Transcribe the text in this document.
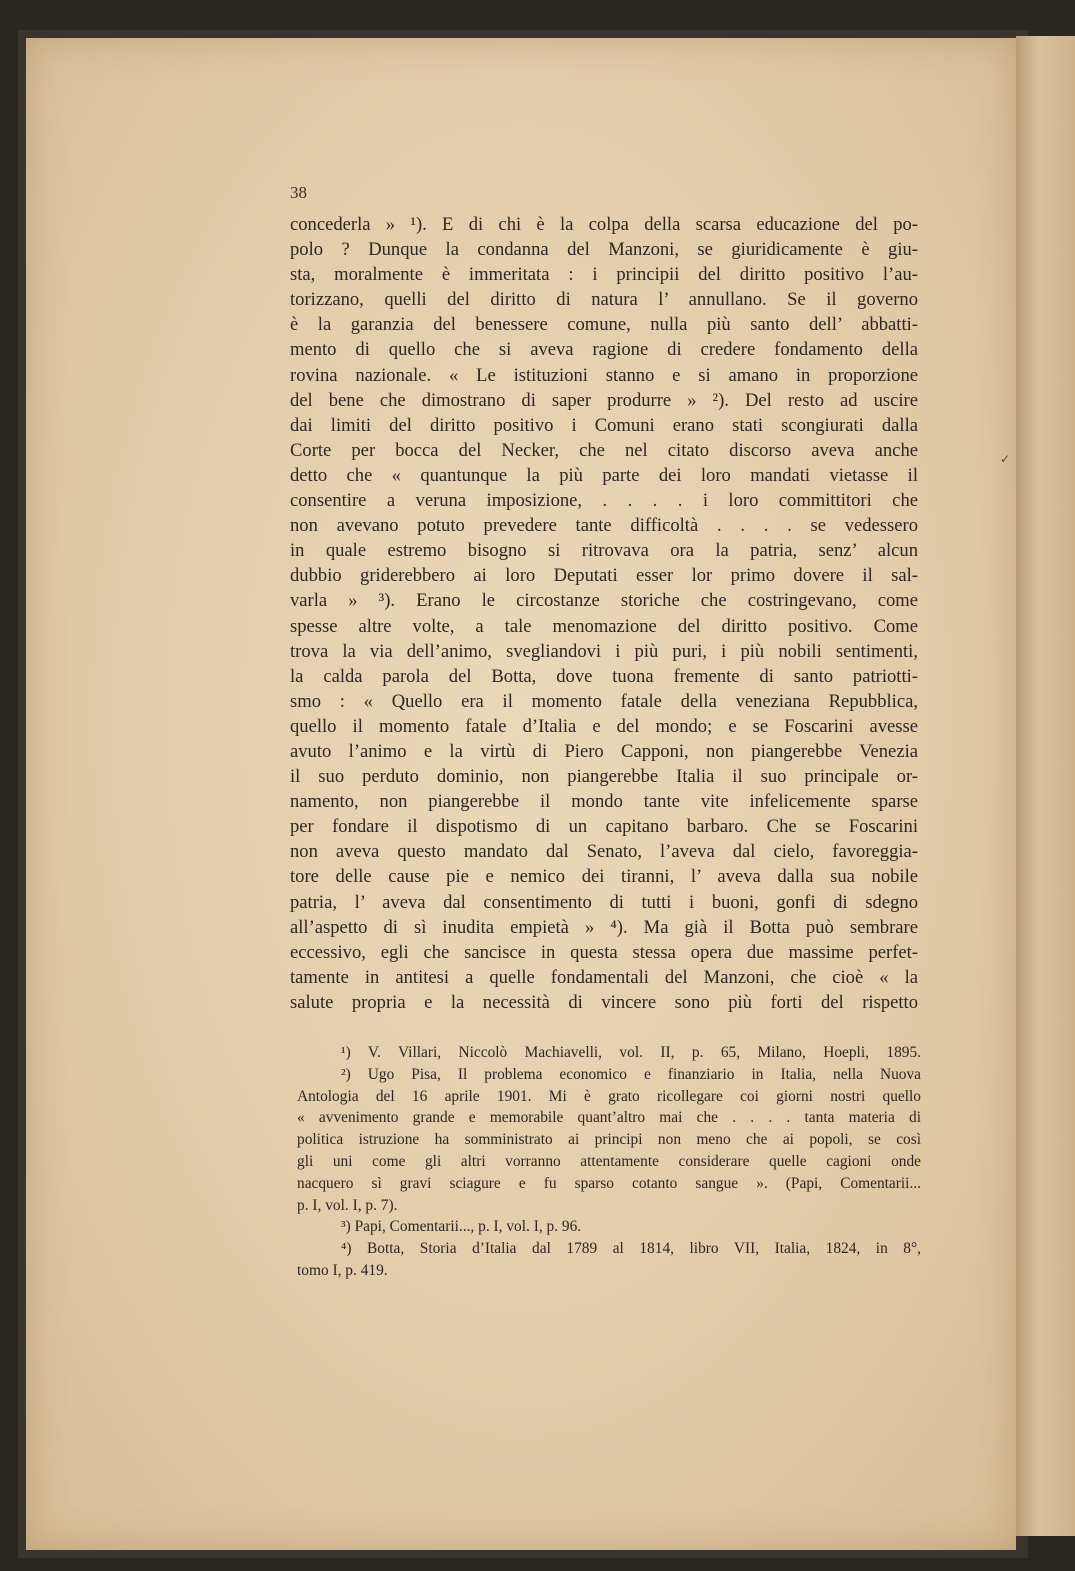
38
concederla » ¹). E di chi è la colpa della scarsa educazione del po-
polo ? Dunque la condanna del Manzoni, se giuridicamente è giu-
sta, moralmente è immeritata : i principii del diritto positivo l’au-
torizzano, quelli del diritto di natura l’ annullano. Se il governo
è la garanzia del benessere comune, nulla più santo dell’ abbatti-
mento di quello che si aveva ragione di credere fondamento della
rovina nazionale. « Le istituzioni stanno e si amano in proporzione
del bene che dimostrano di saper produrre » ²). Del resto ad uscire
dai limiti del diritto positivo i Comuni erano stati scongiurati dalla
Corte per bocca del Necker, che nel citato discorso aveva anche
detto che « quantunque la più parte dei loro mandati vietasse il
consentire a veruna imposizione, . . . . i loro committitori che
non avevano potuto prevedere tante difficoltà . . . . se vedessero
in quale estremo bisogno si ritrovava ora la patria, senz’ alcun
dubbio griderebbero ai loro Deputati esser lor primo dovere il sal-
varla » ³). Erano le circostanze storiche che costringevano, come
spesse altre volte, a tale menomazione del diritto positivo. Come
trova la via dell’animo, svegliandovi i più puri, i più nobili sentimenti,
la calda parola del Botta, dove tuona fremente di santo patriotti-
smo : « Quello era il momento fatale della veneziana Repubblica,
quello il momento fatale d’Italia e del mondo; e se Foscarini avesse
avuto l’animo e la virtù di Piero Capponi, non piangerebbe Venezia
il suo perduto dominio, non piangerebbe Italia il suo principale or-
namento, non piangerebbe il mondo tante vite infelicemente sparse
per fondare il dispotismo di un capitano barbaro. Che se Foscarini
non aveva questo mandato dal Senato, l’aveva dal cielo, favoreggia-
tore delle cause pie e nemico dei tiranni, l’ aveva dalla sua nobile
patria, l’ aveva dal consentimento di tutti i buoni, gonfi di sdegno
all’aspetto di sì inudita empietà » ⁴). Ma già il Botta può sembrare
eccessivo, egli che sancisce in questa stessa opera due massime perfet-
tamente in antitesi a quelle fondamentali del Manzoni, che cioè « la
salute propria e la necessità di vincere sono più forti del rispetto
¹) V. Villari, Niccolò Machiavelli, vol. II, p. 65, Milano, Hoepli, 1895.
²) Ugo Pisa, Il problema economico e finanziario in Italia, nella Nuova
Antologia del 16 aprile 1901. Mi è grato ricollegare coi giorni nostri quello
« avvenimento grande e memorabile quant’altro mai che . . . . tanta materia di
politica istruzione ha somministrato ai principi non meno che ai popoli, se così
gli uni come gli altri vorranno attentamente considerare quelle cagioni onde
nacquero sì gravi sciagure e fu sparso cotanto sangue ». (Papi, Comentarii...
p. I, vol. I, p. 7).
³) Papi, Comentarii..., p. I, vol. I, p. 96.
⁴) Botta, Storia d’Italia dal 1789 al 1814, libro VII, Italia, 1824, in 8°,
tomo I, p. 419.
✓
